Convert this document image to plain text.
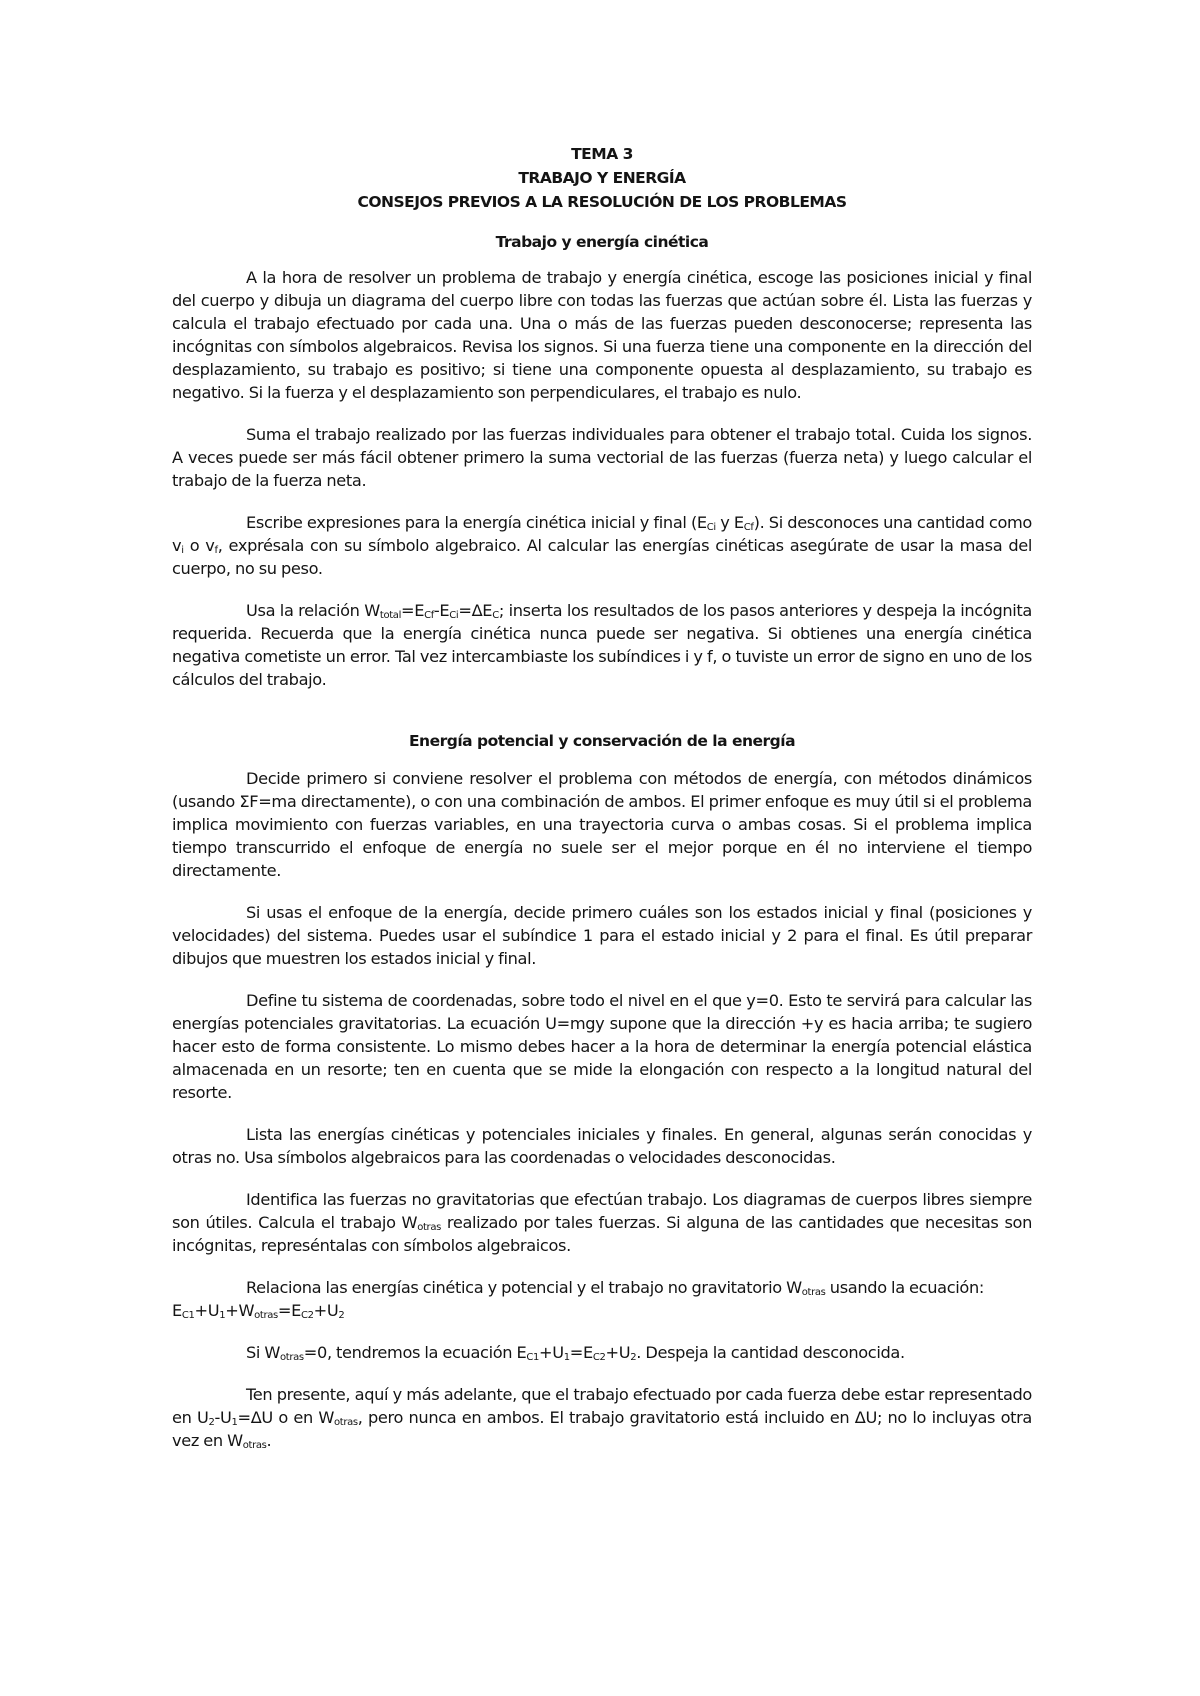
TEMA 3
TRABAJO Y ENERGÍA
CONSEJOS PREVIOS A LA RESOLUCIÓN DE LOS PROBLEMAS
Trabajo y energía cinética

A la hora de resolver un problema de trabajo y energía cinética, escoge las posiciones inicial y final del cuerpo y dibuja un diagrama del cuerpo libre con todas las fuerzas que actúan sobre él. Lista las fuerzas y calcula el trabajo efectuado por cada una. Una o más de las fuerzas pueden desconocerse; representa las incógnitas con símbolos algebraicos. Revisa los signos. Si una fuerza tiene una componente en la dirección del desplazamiento, su trabajo es positivo; si tiene una componente opuesta al desplazamiento, su trabajo es negativo. Si la fuerza y el desplazamiento son perpendiculares, el trabajo es nulo.

Suma el trabajo realizado por las fuerzas individuales para obtener el trabajo total. Cuida los signos. A veces puede ser más fácil obtener primero la suma vectorial de las fuerzas (fuerza neta) y luego calcular el trabajo de la fuerza neta.

Escribe expresiones para la energía cinética inicial y final ($E_{Ci}$ y $E_{Cf}$). Si desconoces una cantidad como $v_i$ o $v_f$, exprésala con su símbolo algebraico. Al calcular las energías cinéticas asegúrate de usar la masa del cuerpo, no su peso.

Usa la relación $W_{total}=E_{Cf}-E_{Ci}=\Delta E_C$; inserta los resultados de los pasos anteriores y despeja la incógnita requerida. Recuerda que la energía cinética nunca puede ser negativa. Si obtienes una energía cinética negativa cometiste un error. Tal vez intercambiaste los subíndices i y f, o tuviste un error de signo en uno de los cálculos del trabajo.

Energía potencial y conservación de la energía

Decide primero si conviene resolver el problema con métodos de energía, con métodos dinámicos (usando ΣF=ma directamente), o con una combinación de ambos. El primer enfoque es muy útil si el problema implica movimiento con fuerzas variables, en una trayectoria curva o ambas cosas. Si el problema implica tiempo transcurrido el enfoque de energía no suele ser el mejor porque en él no interviene el tiempo directamente.

Si usas el enfoque de la energía, decide primero cuáles son los estados inicial y final (posiciones y velocidades) del sistema. Puedes usar el subíndice 1 para el estado inicial y 2 para el final. Es útil preparar dibujos que muestren los estados inicial y final.

Define tu sistema de coordenadas, sobre todo el nivel en el que y=0. Esto te servirá para calcular las energías potenciales gravitatorias. La ecuación U=mgy supone que la dirección +y es hacia arriba; te sugiero hacer esto de forma consistente. Lo mismo debes hacer a la hora de determinar la energía potencial elástica almacenada en un resorte; ten en cuenta que se mide la elongación con respecto a la longitud natural del resorte.

Lista las energías cinéticas y potenciales iniciales y finales. En general, algunas serán conocidas y otras no. Usa símbolos algebraicos para las coordenadas o velocidades desconocidas.

Identifica las fuerzas no gravitatorias que efectúan trabajo. Los diagramas de cuerpos libres siempre son útiles. Calcula el trabajo $W_{otras}$ realizado por tales fuerzas. Si alguna de las cantidades que necesitas son incógnitas, represéntalas con símbolos algebraicos.

Relaciona las energías cinética y potencial y el trabajo no gravitatorio $W_{otras}$ usando la ecuación:

$E_{C1}+U_1+W_{otras}=E_{C2}+U_2$

Si $W_{otras}=0$, tendremos la ecuación $E_{C1}+U_1=E_{C2}+U_2$. Despeja la cantidad desconocida.

Ten presente, aquí y más adelante, que el trabajo efectuado por cada fuerza debe estar representado en $U_2-U_1=\Delta U$ o en $W_{otras}$, pero nunca en ambos. El trabajo gravitatorio está incluido en ΔU; no lo incluyas otra vez en $W_{otras}$.
